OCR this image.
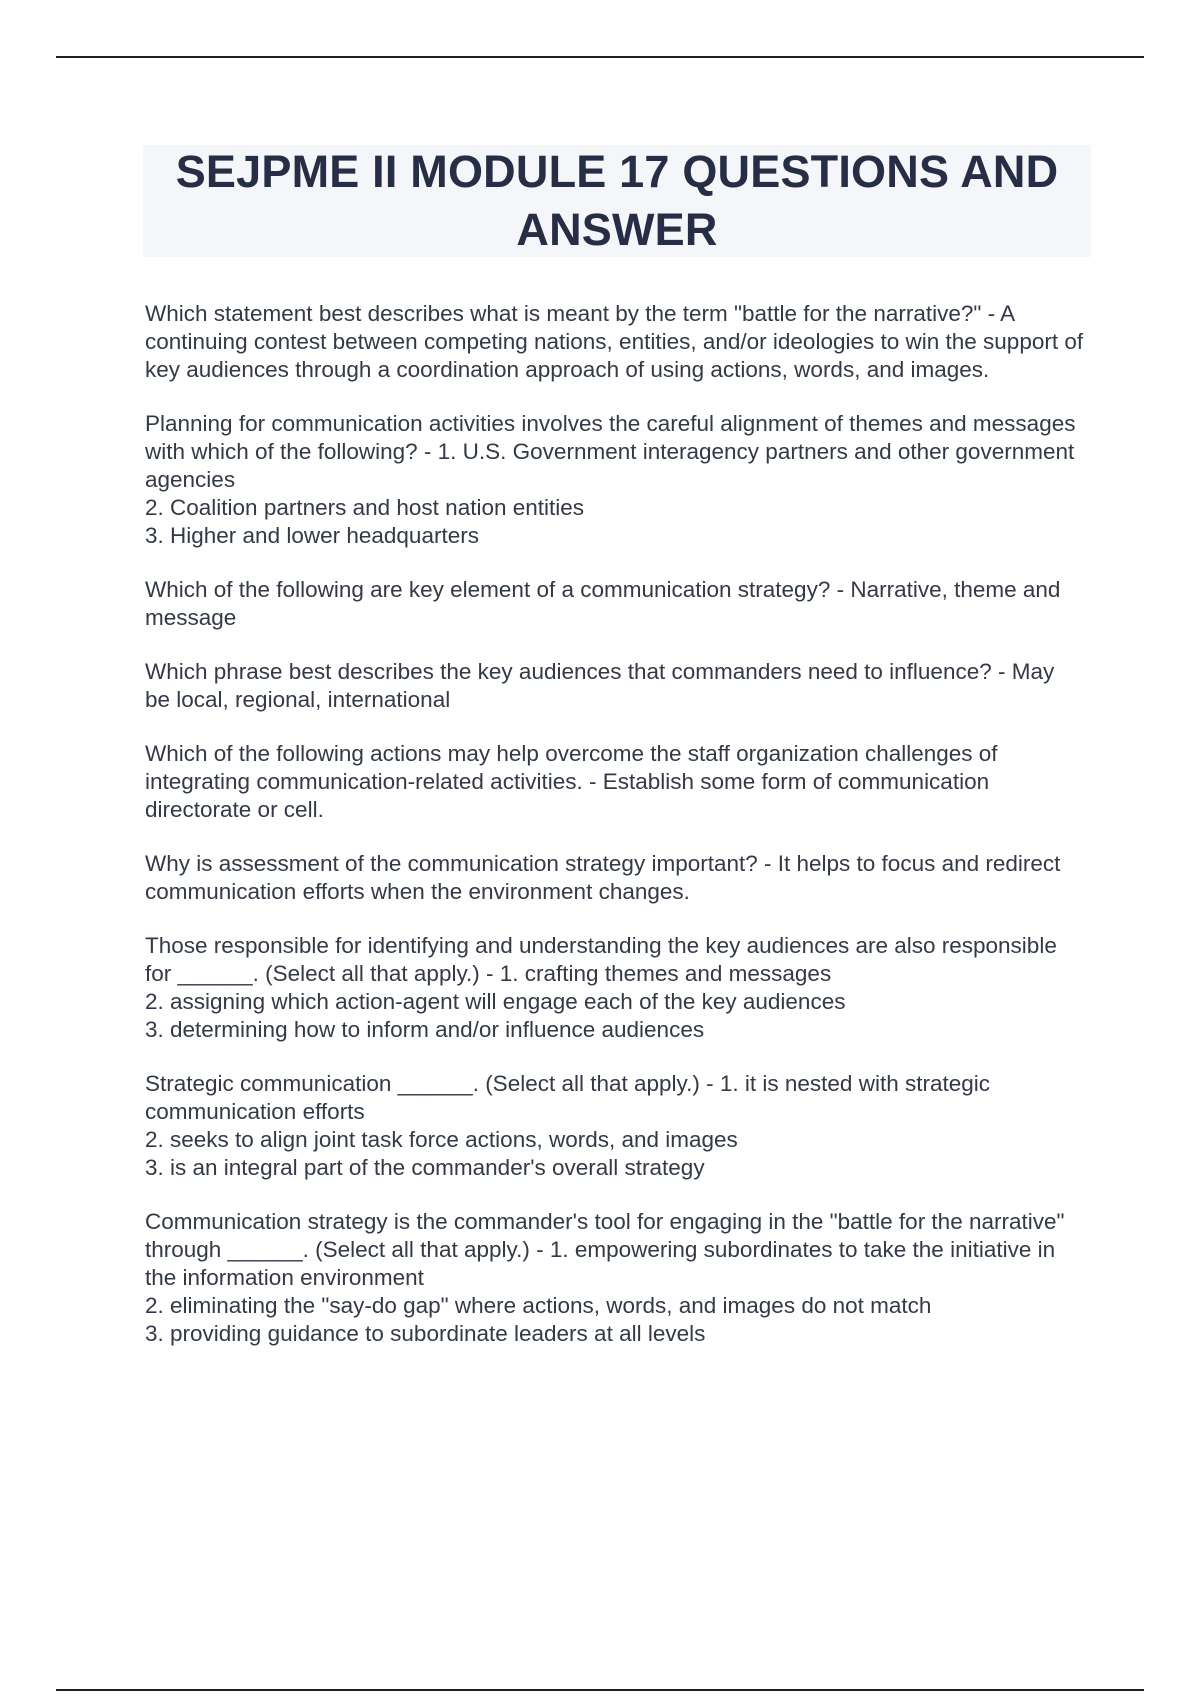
SEJPME II MODULE 17 QUESTIONS AND ANSWER

Which statement best describes what is meant by the term "battle for the narrative?" - A continuing contest between competing nations, entities, and/or ideologies to win the support of key audiences through a coordination approach of using actions, words, and images.

Planning for communication activities involves the careful alignment of themes and messages with which of the following? - 1. U.S. Government interagency partners and other government agencies
2. Coalition partners and host nation entities
3. Higher and lower headquarters

Which of the following are key element of a communication strategy? - Narrative, theme and message

Which phrase best describes the key audiences that commanders need to influence? - May be local, regional, international

Which of the following actions may help overcome the staff organization challenges of integrating communication-related activities. - Establish some form of communication directorate or cell.

Why is assessment of the communication strategy important? - It helps to focus and redirect communication efforts when the environment changes.

Those responsible for identifying and understanding the key audiences are also responsible for ______. (Select all that apply.) - 1. crafting themes and messages
2. assigning which action-agent will engage each of the key audiences
3. determining how to inform and/or influence audiences

Strategic communication ______. (Select all that apply.) - 1. it is nested with strategic communication efforts
2. seeks to align joint task force actions, words, and images
3. is an integral part of the commander's overall strategy

Communication strategy is the commander's tool for engaging in the "battle for the narrative" through ______. (Select all that apply.) - 1. empowering subordinates to take the initiative in the information environment
2. eliminating the "say-do gap" where actions, words, and images do not match
3. providing guidance to subordinate leaders at all levels
